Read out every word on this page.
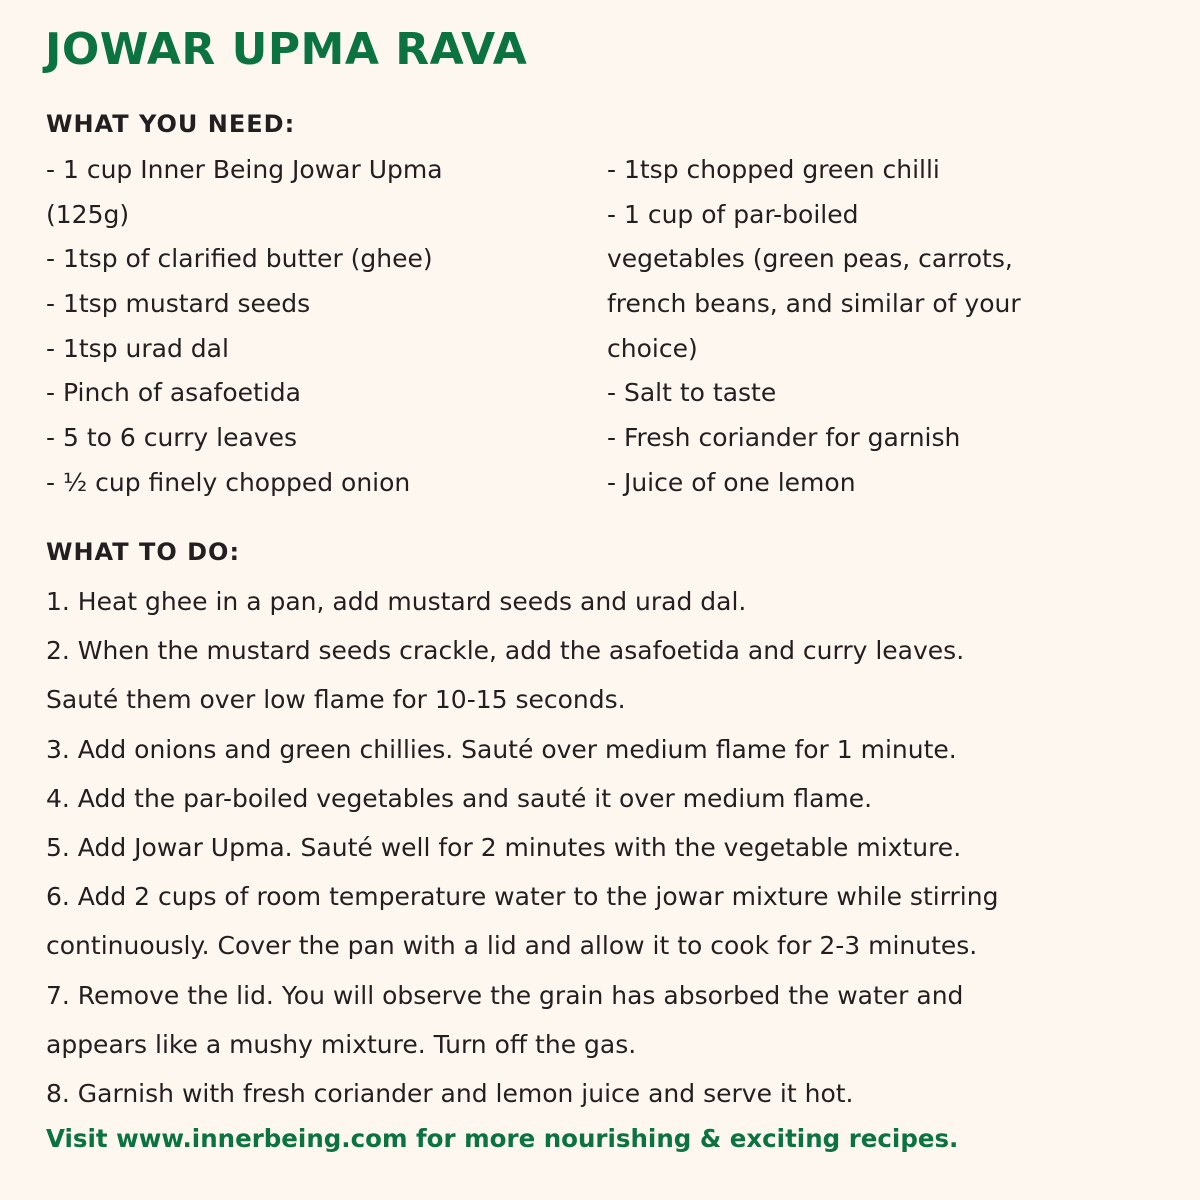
JOWAR UPMA RAVA
WHAT YOU NEED:
- 1 cup Inner Being Jowar Upma
(125g)
- 1tsp of clarified butter (ghee)
- 1tsp mustard seeds
- 1tsp urad dal
- Pinch of asafoetida
- 5 to 6 curry leaves
- ½ cup finely chopped onion
- 1tsp chopped green chilli
- 1 cup of par-boiled
vegetables (green peas, carrots,
french beans, and similar of your
choice)
- Salt to taste
- Fresh coriander for garnish
- Juice of one lemon
WHAT TO DO:
1. Heat ghee in a pan, add mustard seeds and urad dal.
2. When the mustard seeds crackle, add the asafoetida and curry leaves.
Sauté them over low flame for 10-15 seconds.
3. Add onions and green chillies. Sauté over medium flame for 1 minute.
4. Add the par-boiled vegetables and sauté it over medium flame.
5. Add Jowar Upma. Sauté well for 2 minutes with the vegetable mixture.
6. Add 2 cups of room temperature water to the jowar mixture while stirring
continuously. Cover the pan with a lid and allow it to cook for 2-3 minutes.
7. Remove the lid. You will observe the grain has absorbed the water and
appears like a mushy mixture. Turn off the gas.
8. Garnish with fresh coriander and lemon juice and serve it hot.
Visit www.innerbeing.com for more nourishing & exciting recipes.
